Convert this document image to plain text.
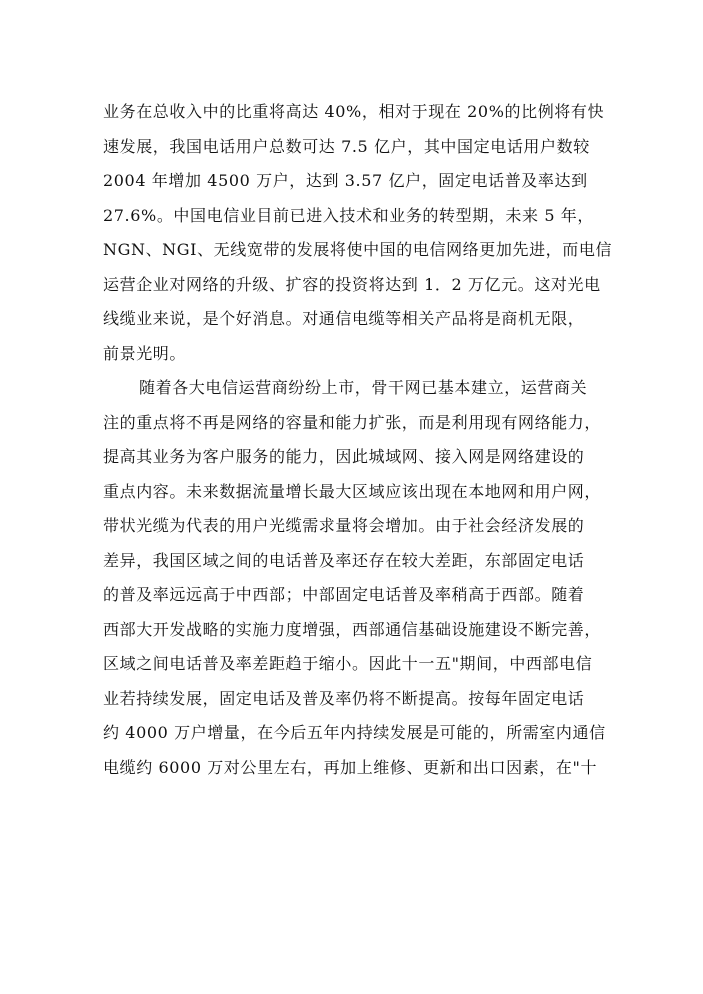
业务在总收入中的比重将高达 40%，相对于现在 20%的比例将有快
速发展，我国电话用户总数可达 7.5 亿户，其中国定电话用户数较
2004 年增加 4500 万户，达到 3.57 亿户，固定电话普及率达到
27.6%。中国电信业目前已进入技术和业务的转型期，未来 5 年，
NGN、NGI、无线宽带的发展将使中国的电信网络更加先进，而电信
运营企业对网络的升级、扩容的投资将达到 1．2 万亿元。这对光电
线缆业来说，是个好消息。对通信电缆等相关产品将是商机无限，
前景光明。
随着各大电信运营商纷纷上市，骨干网已基本建立，运营商关
注的重点将不再是网络的容量和能力扩张，而是利用现有网络能力，
提高其业务为客户服务的能力，因此城域网、接入网是网络建设的
重点内容。未来数据流量增长最大区域应该出现在本地网和用户网，
带状光缆为代表的用户光缆需求量将会增加。由于社会经济发展的
差异，我国区域之间的电话普及率还存在较大差距，东部固定电话
的普及率远远高于中西部；中部固定电话普及率稍高于西部。随着
西部大开发战略的实施力度增强，西部通信基础设施建设不断完善，
区域之间电话普及率差距趋于缩小。因此十一五"期间，中西部电信
业若持续发展，固定电话及普及率仍将不断提高。按每年固定电话
约 4000 万户增量，在今后五年内持续发展是可能的，所需室内通信
电缆约 6000 万对公里左右，再加上维修、更新和出口因素，在"十
